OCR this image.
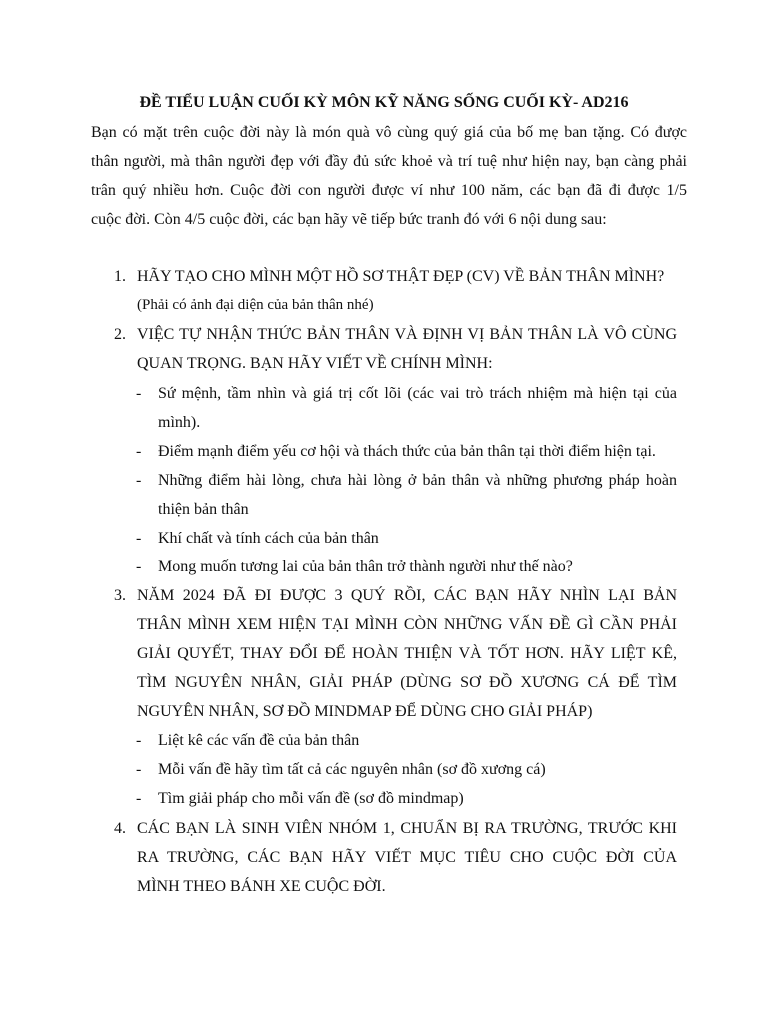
ĐỀ TIỂU LUẬN CUỐI KỲ MÔN KỸ NĂNG SỐNG CUỐI KỲ- AD216
Bạn có mặt trên cuộc đời này là món quà vô cùng quý giá của bố mẹ ban tặng. Có được
thân người, mà thân người đẹp với đầy đủ sức khoẻ và trí tuệ như hiện nay, bạn càng phải
trân quý nhiều hơn. Cuộc đời con người được ví như 100 năm, các bạn đã đi được 1/5
cuộc đời. Còn 4/5 cuộc đời, các bạn hãy vẽ tiếp bức tranh đó với 6 nội dung sau:
1. HÃY TẠO CHO MÌNH MỘT HỒ SƠ THẬT ĐẸP (CV) VỀ BẢN THÂN MÌNH?
(Phải có ảnh đại diện của bản thân nhé)
2. VIỆC TỰ NHẬN THỨC BẢN THÂN VÀ ĐỊNH VỊ BẢN THÂN LÀ VÔ CÙNG
QUAN TRỌNG. BẠN HÃY VIẾT VỀ CHÍNH MÌNH:
- Sứ mệnh, tầm nhìn và giá trị cốt lõi (các vai trò trách nhiệm mà hiện tại của
mình).
- Điểm mạnh điểm yếu cơ hội và thách thức của bản thân tại thời điểm hiện tại.
- Những điểm hài lòng, chưa hài lòng ở bản thân và những phương pháp hoàn
thiện bản thân
- Khí chất và tính cách của bản thân
- Mong muốn tương lai của bản thân trở thành người như thế nào?
3. NĂM 2024 ĐÃ ĐI ĐƯỢC 3 QUÝ RỒI, CÁC BẠN HÃY NHÌN LẠI BẢN
THÂN MÌNH XEM HIỆN TẠI MÌNH CÒN NHỮNG VẤN ĐỀ GÌ CẦN PHẢI
GIẢI QUYẾT, THAY ĐỔI ĐỂ HOÀN THIỆN VÀ TỐT HƠN. HÃY LIỆT KÊ,
TÌM NGUYÊN NHÂN, GIẢI PHÁP (DÙNG SƠ ĐỒ XƯƠNG CÁ ĐỂ TÌM
NGUYÊN NHÂN, SƠ ĐỒ MINDMAP ĐỂ DÙNG CHO GIẢI PHÁP)
- Liệt kê các vấn đề của bản thân
- Mỗi vấn đề hãy tìm tất cả các nguyên nhân (sơ đồ xương cá)
- Tìm giải pháp cho mỗi vấn đề (sơ đồ mindmap)
4. CÁC BẠN LÀ SINH VIÊN NHÓM 1, CHUẨN BỊ RA TRƯỜNG, TRƯỚC KHI
RA TRƯỜNG, CÁC BẠN HÃY VIẾT MỤC TIÊU CHO CUỘC ĐỜI CỦA
MÌNH THEO BÁNH XE CUỘC ĐỜI.
